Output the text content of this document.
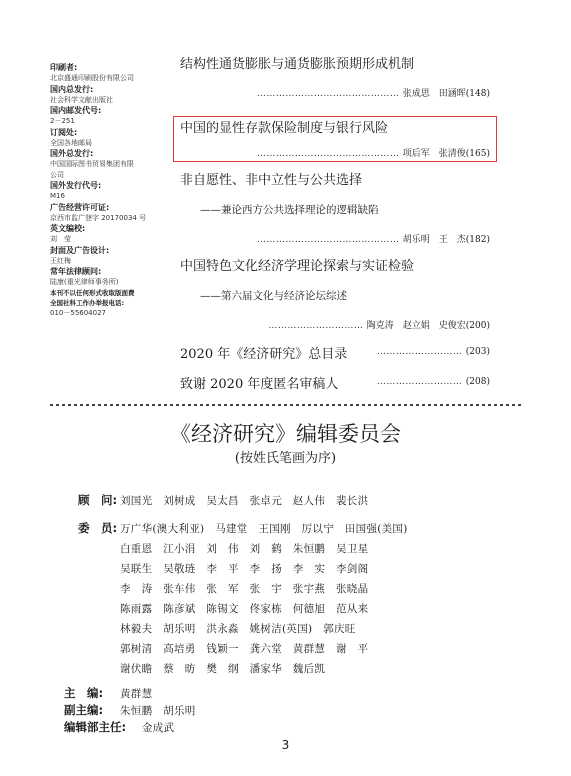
印刷者:
北京盛通印刷股份有限公司
国内总发行:
社会科学文献出版社
国内邮发代号:
2－251
订阅处:
全国各地邮局
国外总发行:
中国国际图书贸易集团有限
公司
国外发行代号:
M16
广告经营许可证:
京西市监广登字 20170034 号
英文编校:
刘　莹
封面及广告设计:
王红梅
常年法律顾问:
陆康(重光律师事务所)
本刊不以任何形式收取版面费
全国社科工作办举报电话:
010－55604027
结构性通货膨胀与通货膨胀预期形成机制
……………………………………… 张成思　田涵晖(148)
中国的显性存款保险制度与银行风险
……………………………………… 项后军　张清俊(165)
非自愿性、非中立性与公共选择
——兼论西方公共选择理论的逻辑缺陷
……………………………………… 胡乐明　王　杰(182)
中国特色文化经济学理论探索与实证检验
——第六届文化与经济论坛综述
………………………… 陶克涛　赵立娟　史俊宏(200)
2020 年《经济研究》总目录	……………………… (203)
致谢 2020 年度匿名审稿人	……………………… (208)
《经济研究》编辑委员会
(按姓氏笔画为序)
顾　问: 刘国光　刘树成　吴太昌　张卓元　赵人伟　裴长洪
委　员: 万广华(澳大利亚)　马建堂　王国刚　厉以宁　田国强(美国)
白重恩　江小涓　刘　伟　刘　鹤　朱恒鹏　吴卫星
吴联生　吴敬琏　李　平　李　扬　李　实　李剑阁
李　涛　张车伟　张　军　张　宇　张宇燕　张晓晶
陈雨露　陈彦斌　陈锡文　佟家栋　何德旭　范从来
林毅夫　胡乐明　洪永淼　姚树洁(英国)　郭庆旺
郭树清　高培勇　钱颖一　龚六堂　黄群慧　谢　平
谢伏瞻　蔡　昉　樊　纲　潘家华　魏后凯
主　编: 黄群慧
副主编: 朱恒鹏　胡乐明
编辑部主任: 金成武
3
